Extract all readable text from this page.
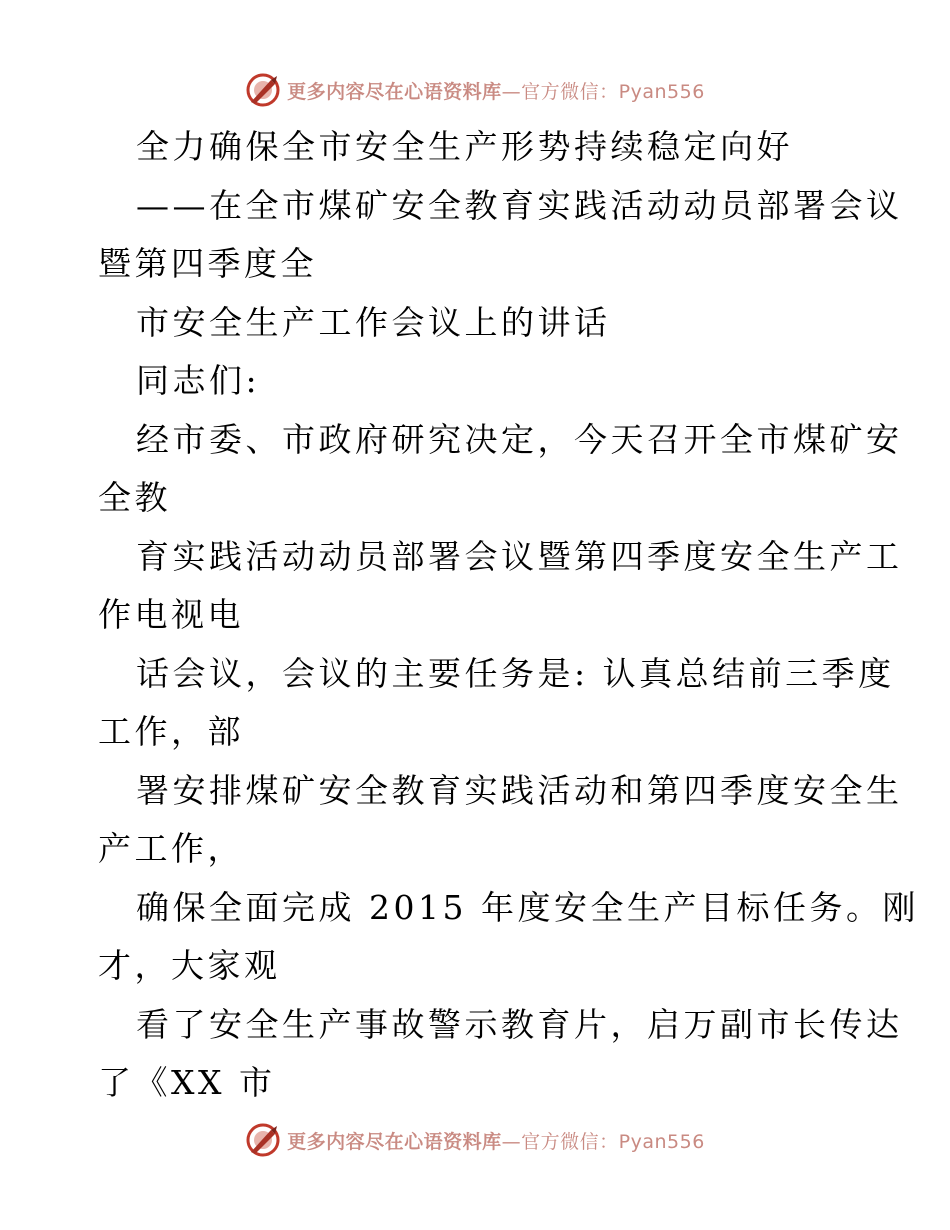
更多内容尽在心语资料库—官方微信：Pyan556
全力确保全市安全生产形势持续稳定向好
——在全市煤矿安全教育实践活动动员部署会议
暨第四季度全
市安全生产工作会议上的讲话
同志们:
经市委、市政府研究决定，今天召开全市煤矿安
全教
育实践活动动员部署会议暨第四季度安全生产工
作电视电
话会议，会议的主要任务是: 认真总结前三季度
工作，部
署安排煤矿安全教育实践活动和第四季度安全生
产工作，
确保全面完成 2015 年度安全生产目标任务。刚
才，大家观
看了安全生产事故警示教育片，启万副市长传达
了《XX 市
更多内容尽在心语资料库—官方微信：Pyan556
